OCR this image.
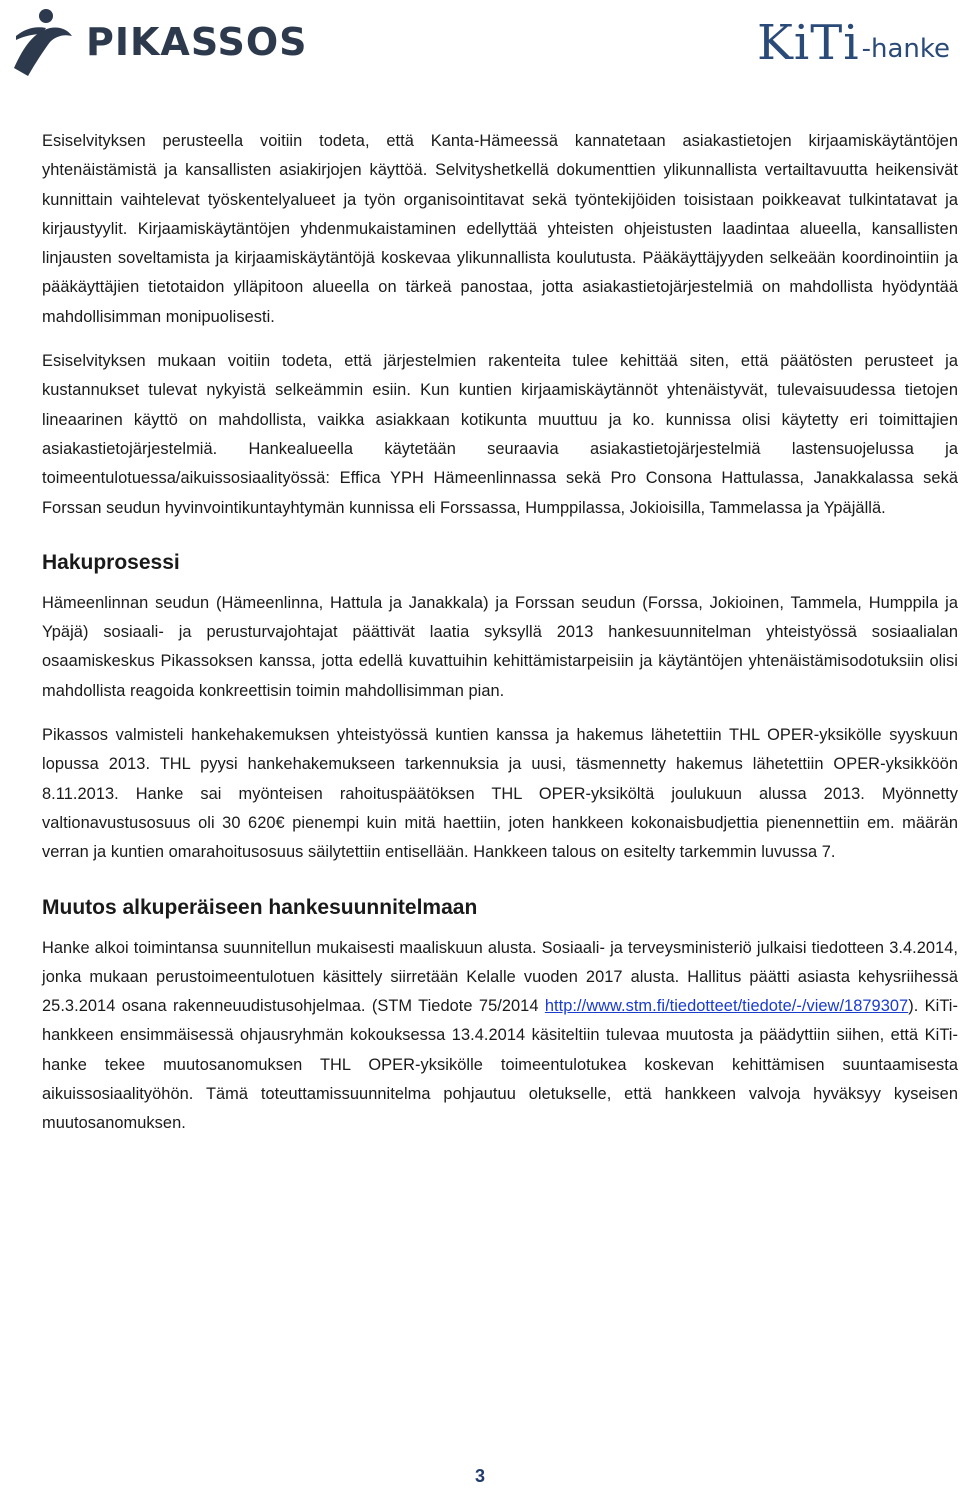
PIKASSOS	KiTi -hanke

Esiselvityksen perusteella voitiin todeta, että Kanta-Hämeessä kannatetaan asiakastietojen kirjaamiskäytäntöjen yhtenäistämistä ja kansallisten asiakirjojen käyttöä. Selvityshetkellä dokumenttien ylikunnallista vertailtavuutta heikensivät kunnittain vaihtelevat työskentelyalueet ja työn organisointitavat sekä työntekijöiden toisistaan poikkeavat tulkintatavat ja kirjaustyylit. Kirjaamiskäytäntöjen yhdenmukaistaminen edellyttää yhteisten ohjeistusten laadintaa alueella, kansallisten linjausten soveltamista ja kirjaamiskäytäntöjä koskevaa ylikunnallista koulutusta. Pääkäyttäjyyden selkeään koordinointiin ja pääkäyttäjien tietotaidon ylläpitoon alueella on tärkeä panostaa, jotta asiakastietojärjestelmiä on mahdollista hyödyntää mahdollisimman monipuolisesti.

Esiselvityksen mukaan voitiin todeta, että järjestelmien rakenteita tulee kehittää siten, että päätösten perusteet ja kustannukset tulevat nykyistä selkeämmin esiin. Kun kuntien kirjaamiskäytännöt yhtenäistyvät, tulevaisuudessa tietojen lineaarinen käyttö on mahdollista, vaikka asiakkaan kotikunta muuttuu ja ko. kunnissa olisi käytetty eri toimittajien asiakastietojärjestelmiä. Hankealueella käytetään seuraavia asiakastietojärjestelmiä lastensuojelussa ja toimeentulotuessa/aikuissosiaalityössä: Effica YPH Hämeenlinnassa sekä Pro Consona Hattulassa, Janakkalassa sekä Forssan seudun hyvinvointikuntayhtymän kunnissa eli Forssassa, Humppilassa, Jokioisilla, Tammelassa ja Ypäjällä.

Hakuprosessi

Hämeenlinnan seudun (Hämeenlinna, Hattula ja Janakkala) ja Forssan seudun (Forssa, Jokioinen, Tammela, Humppila ja Ypäjä) sosiaali- ja perusturvajohtajat päättivät laatia syksyllä 2013 hankesuunnitelman yhteistyössä sosiaalialan osaamiskeskus Pikassoksen kanssa, jotta edellä kuvattuihin kehittämistarpeisiin ja käytäntöjen yhtenäistämisodotuksiin olisi mahdollista reagoida konkreettisin toimin mahdollisimman pian.

Pikassos valmisteli hankehakemuksen yhteistyössä kuntien kanssa ja hakemus lähetettiin THL OPER-yksikölle syyskuun lopussa 2013. THL pyysi hankehakemukseen tarkennuksia ja uusi, täsmennetty hakemus lähetettiin OPER-yksikköön 8.11.2013. Hanke sai myönteisen rahoituspäätöksen THL OPER-yksiköltä joulukuun alussa 2013. Myönnetty valtionavustusosuus oli 30 620€ pienempi kuin mitä haettiin, joten hankkeen kokonaisbudjettia pienennettiin em. määrän verran ja kuntien omarahoitusosuus säilytettiin entisellään. Hankkeen talous on esitelty tarkemmin luvussa 7.

Muutos alkuperäiseen hankesuunnitelmaan

Hanke alkoi toimintansa suunnitellun mukaisesti maaliskuun alusta. Sosiaali- ja terveysministeriö julkaisi tiedotteen 3.4.2014, jonka mukaan perustoimeentulotuen käsittely siirretään Kelalle vuoden 2017 alusta. Hallitus päätti asiasta kehysriihessä 25.3.2014 osana rakenneuudistusohjelmaa. (STM Tiedote 75/2014 http://www.stm.fi/tiedotteet/tiedote/-/view/1879307). KiTi-hankkeen ensimmäisessä ohjausryhmän kokouksessa 13.4.2014 käsiteltiin tulevaa muutosta ja päädyttiin siihen, että KiTi-hanke tekee muutosanomuksen THL OPER-yksikölle toimeentulotukea koskevan kehittämisen suuntaamisesta aikuissosiaalityöhön. Tämä toteuttamissuunnitelma pohjautuu oletukselle, että hankkeen valvoja hyväksyy kyseisen muutosanomuksen.

3
